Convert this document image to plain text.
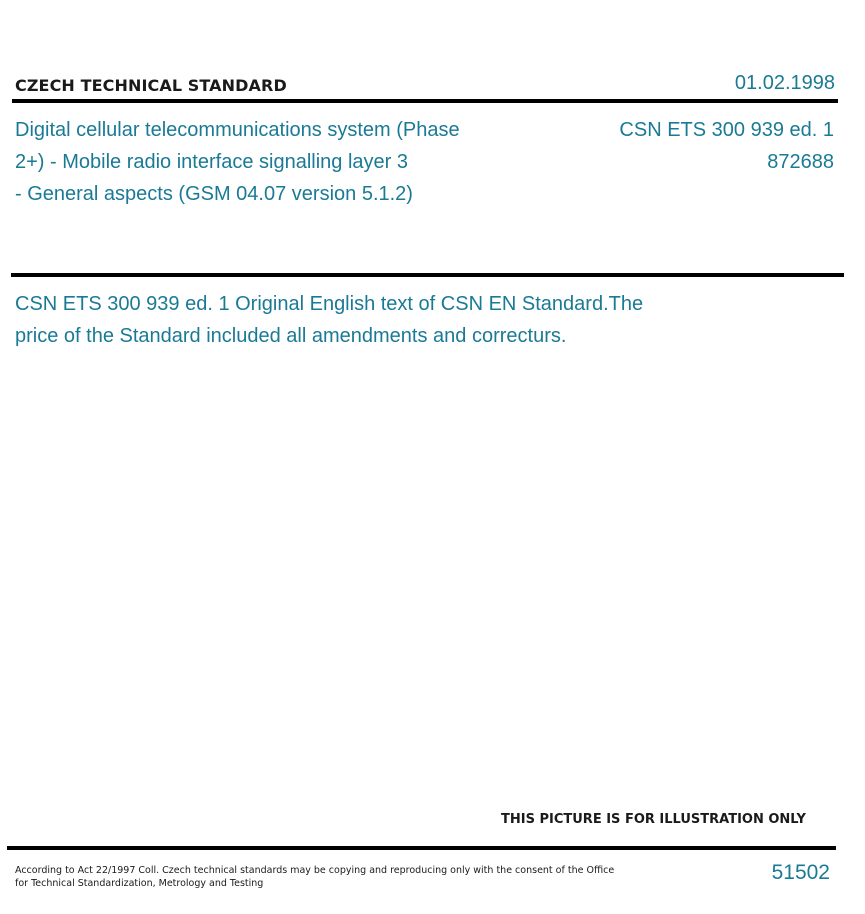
CZECH TECHNICAL STANDARD	01.02.1998
Digital cellular telecommunications system (Phase
2+) - Mobile radio interface signalling layer 3
- General aspects (GSM 04.07 version 5.1.2)
CSN ETS 300 939 ed. 1
872688
CSN ETS 300 939 ed. 1 Original English text of CSN EN Standard.The
price of the Standard included all amendments and correcturs.
THIS PICTURE IS FOR ILLUSTRATION ONLY
According to Act 22/1997 Coll. Czech technical standards may be copying and reproducing only with the consent of the Office
for Technical Standardization, Metrology and Testing	51502
